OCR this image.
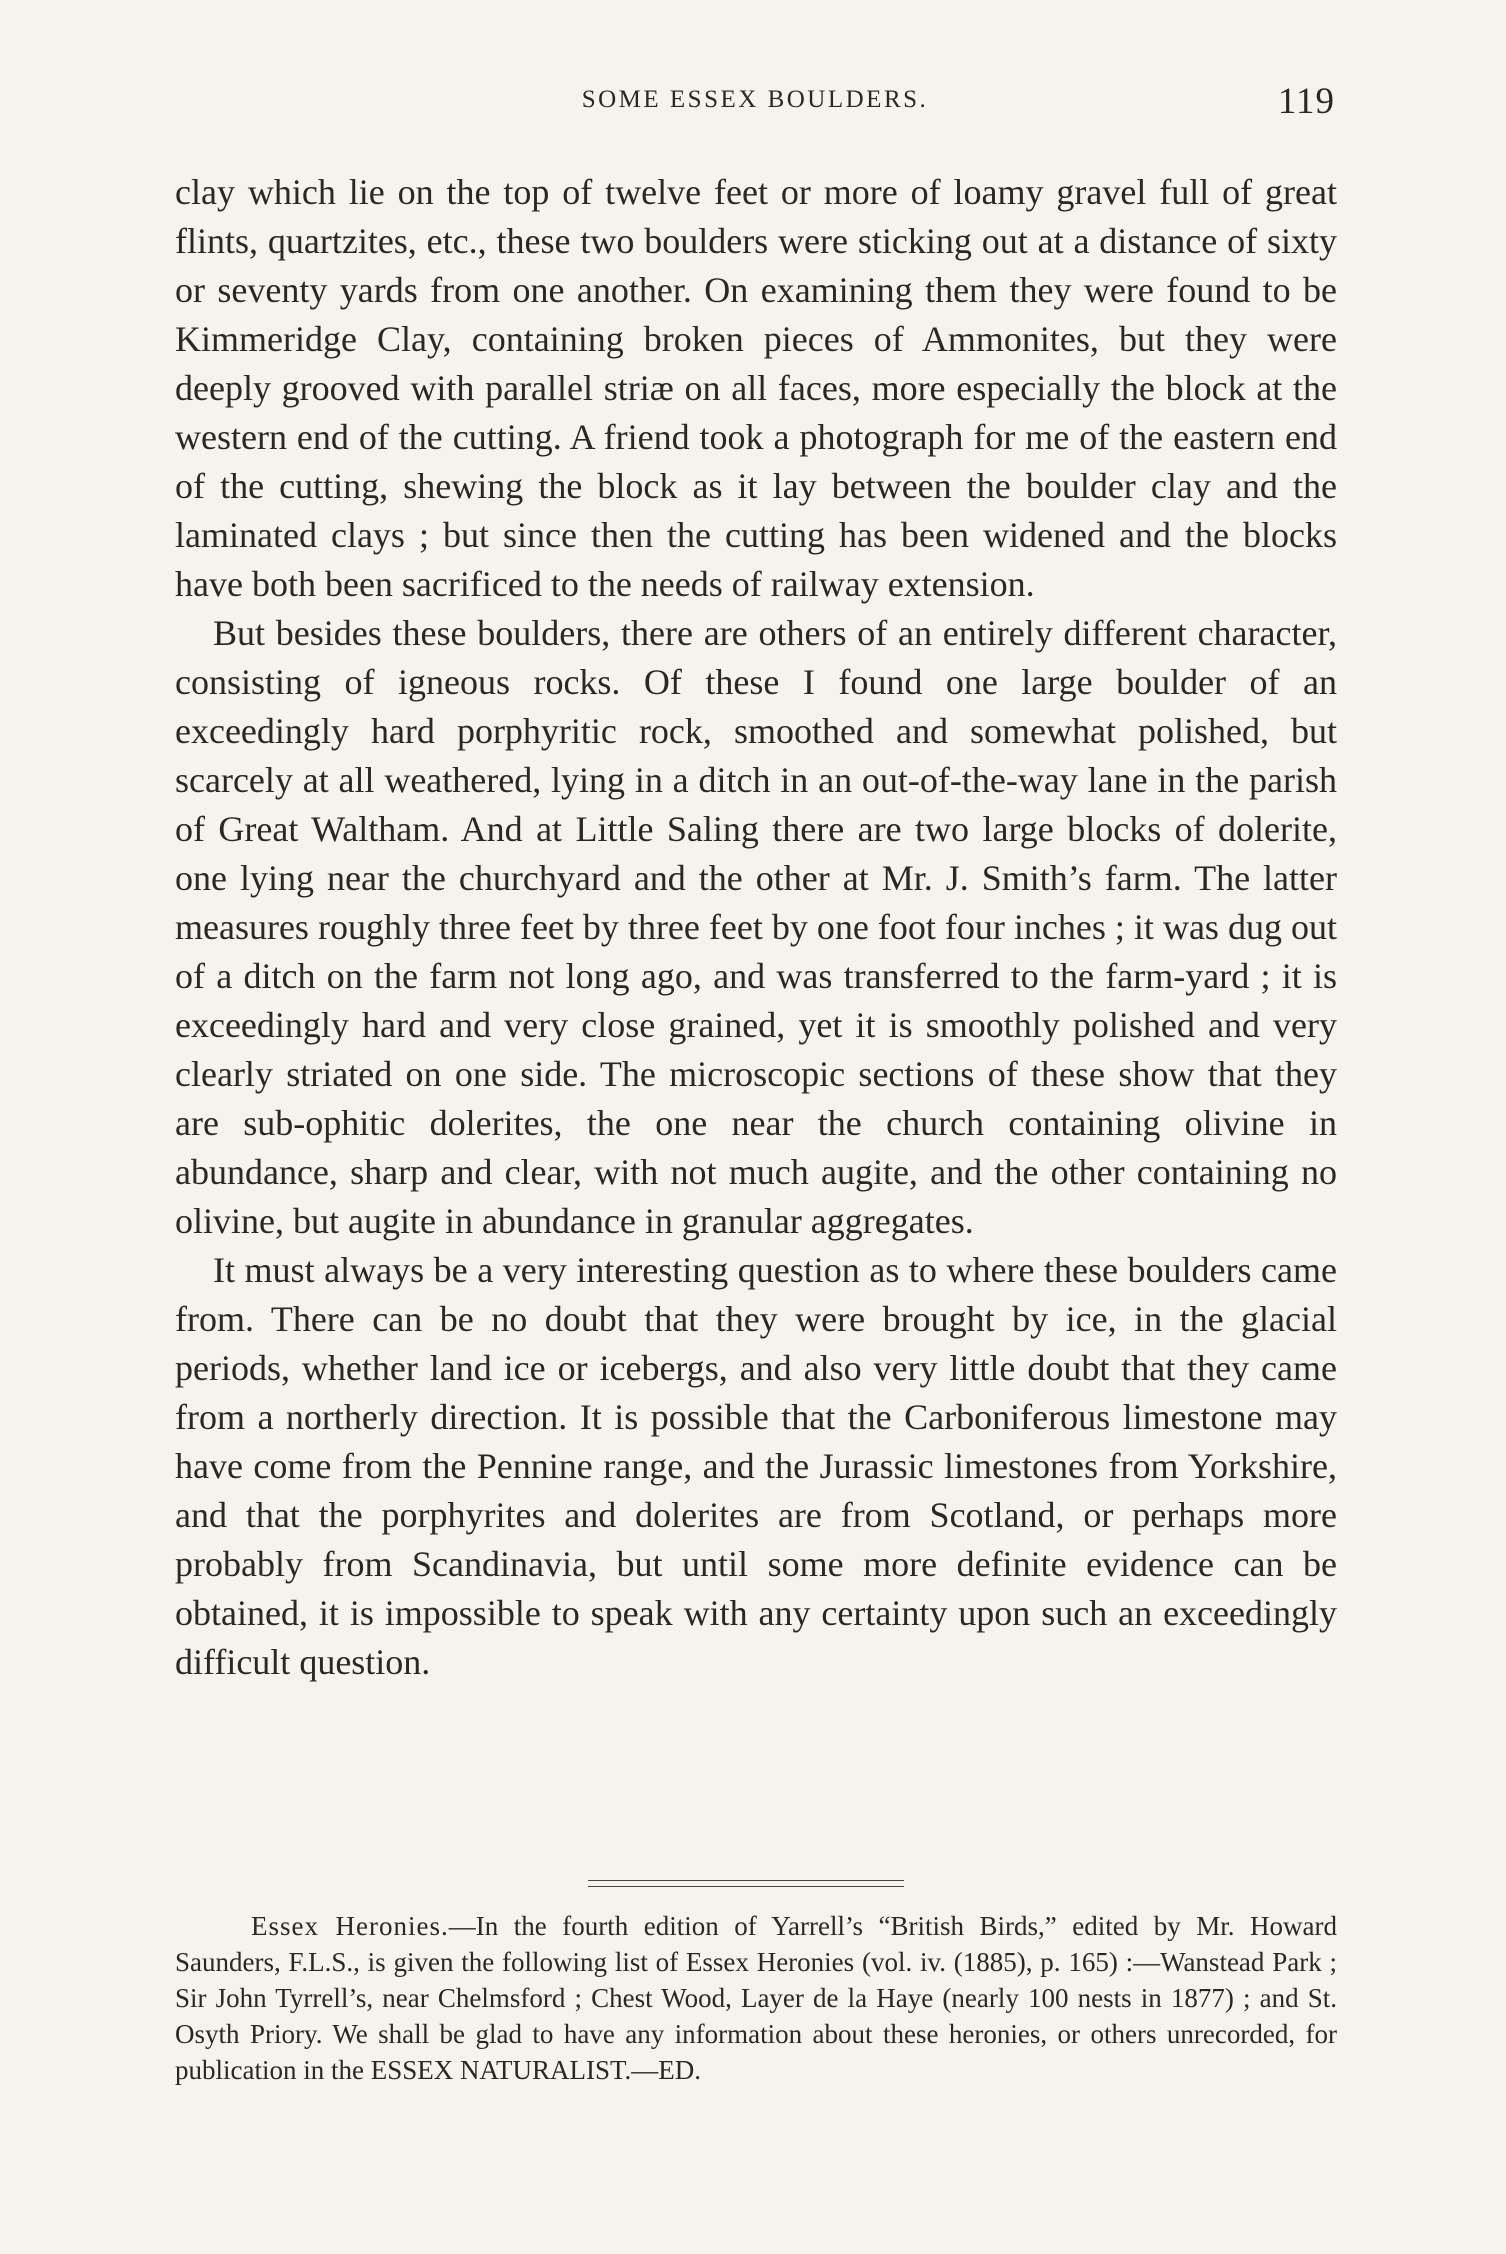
SOME ESSEX BOULDERS.	119

clay which lie on the top of twelve feet or more of loamy gravel full of great flints, quartzites, etc., these two boulders were sticking out at a distance of sixty or seventy yards from one another. On examining them they were found to be Kimmeridge Clay, containing broken pieces of Ammonites, but they were deeply grooved with parallel striæ on all faces, more especially the block at the western end of the cutting. A friend took a photograph for me of the eastern end of the cutting, shewing the block as it lay between the boulder clay and the laminated clays ; but since then the cutting has been widened and the blocks have both been sacrificed to the needs of railway extension.

But besides these boulders, there are others of an entirely different character, consisting of igneous rocks. Of these I found one large boulder of an exceedingly hard porphyritic rock, smoothed and somewhat polished, but scarcely at all weathered, lying in a ditch in an out-of-the-way lane in the parish of Great Waltham. And at Little Saling there are two large blocks of dolerite, one lying near the churchyard and the other at Mr. J. Smith’s farm. The latter measures roughly three feet by three feet by one foot four inches ; it was dug out of a ditch on the farm not long ago, and was transferred to the farm-yard ; it is exceedingly hard and very close grained, yet it is smoothly polished and very clearly striated on one side. The microscopic sections of these show that they are sub-ophitic dolerites, the one near the church containing olivine in abundance, sharp and clear, with not much augite, and the other containing no olivine, but augite in abundance in granular aggregates.

It must always be a very interesting question as to where these boulders came from. There can be no doubt that they were brought by ice, in the glacial periods, whether land ice or icebergs, and also very little doubt that they came from a northerly direction. It is possible that the Carboniferous limestone may have come from the Pennine range, and the Jurassic limestones from Yorkshire, and that the porphyrites and dolerites are from Scotland, or perhaps more probably from Scandinavia, but until some more definite evidence can be obtained, it is impossible to speak with any certainty upon such an exceedingly difficult question.

Essex Heronies.—In the fourth edition of Yarrell’s “British Birds,” edited by Mr. Howard Saunders, F.L.S., is given the following list of Essex Heronies (vol. iv. (1885), p. 165) :—Wanstead Park ; Sir John Tyrrell’s, near Chelmsford ; Chest Wood, Layer de la Haye (nearly 100 nests in 1877) ; and St. Osyth Priory. We shall be glad to have any information about these heronies, or others unrecorded, for publication in the ESSEX NATURALIST.—ED.
